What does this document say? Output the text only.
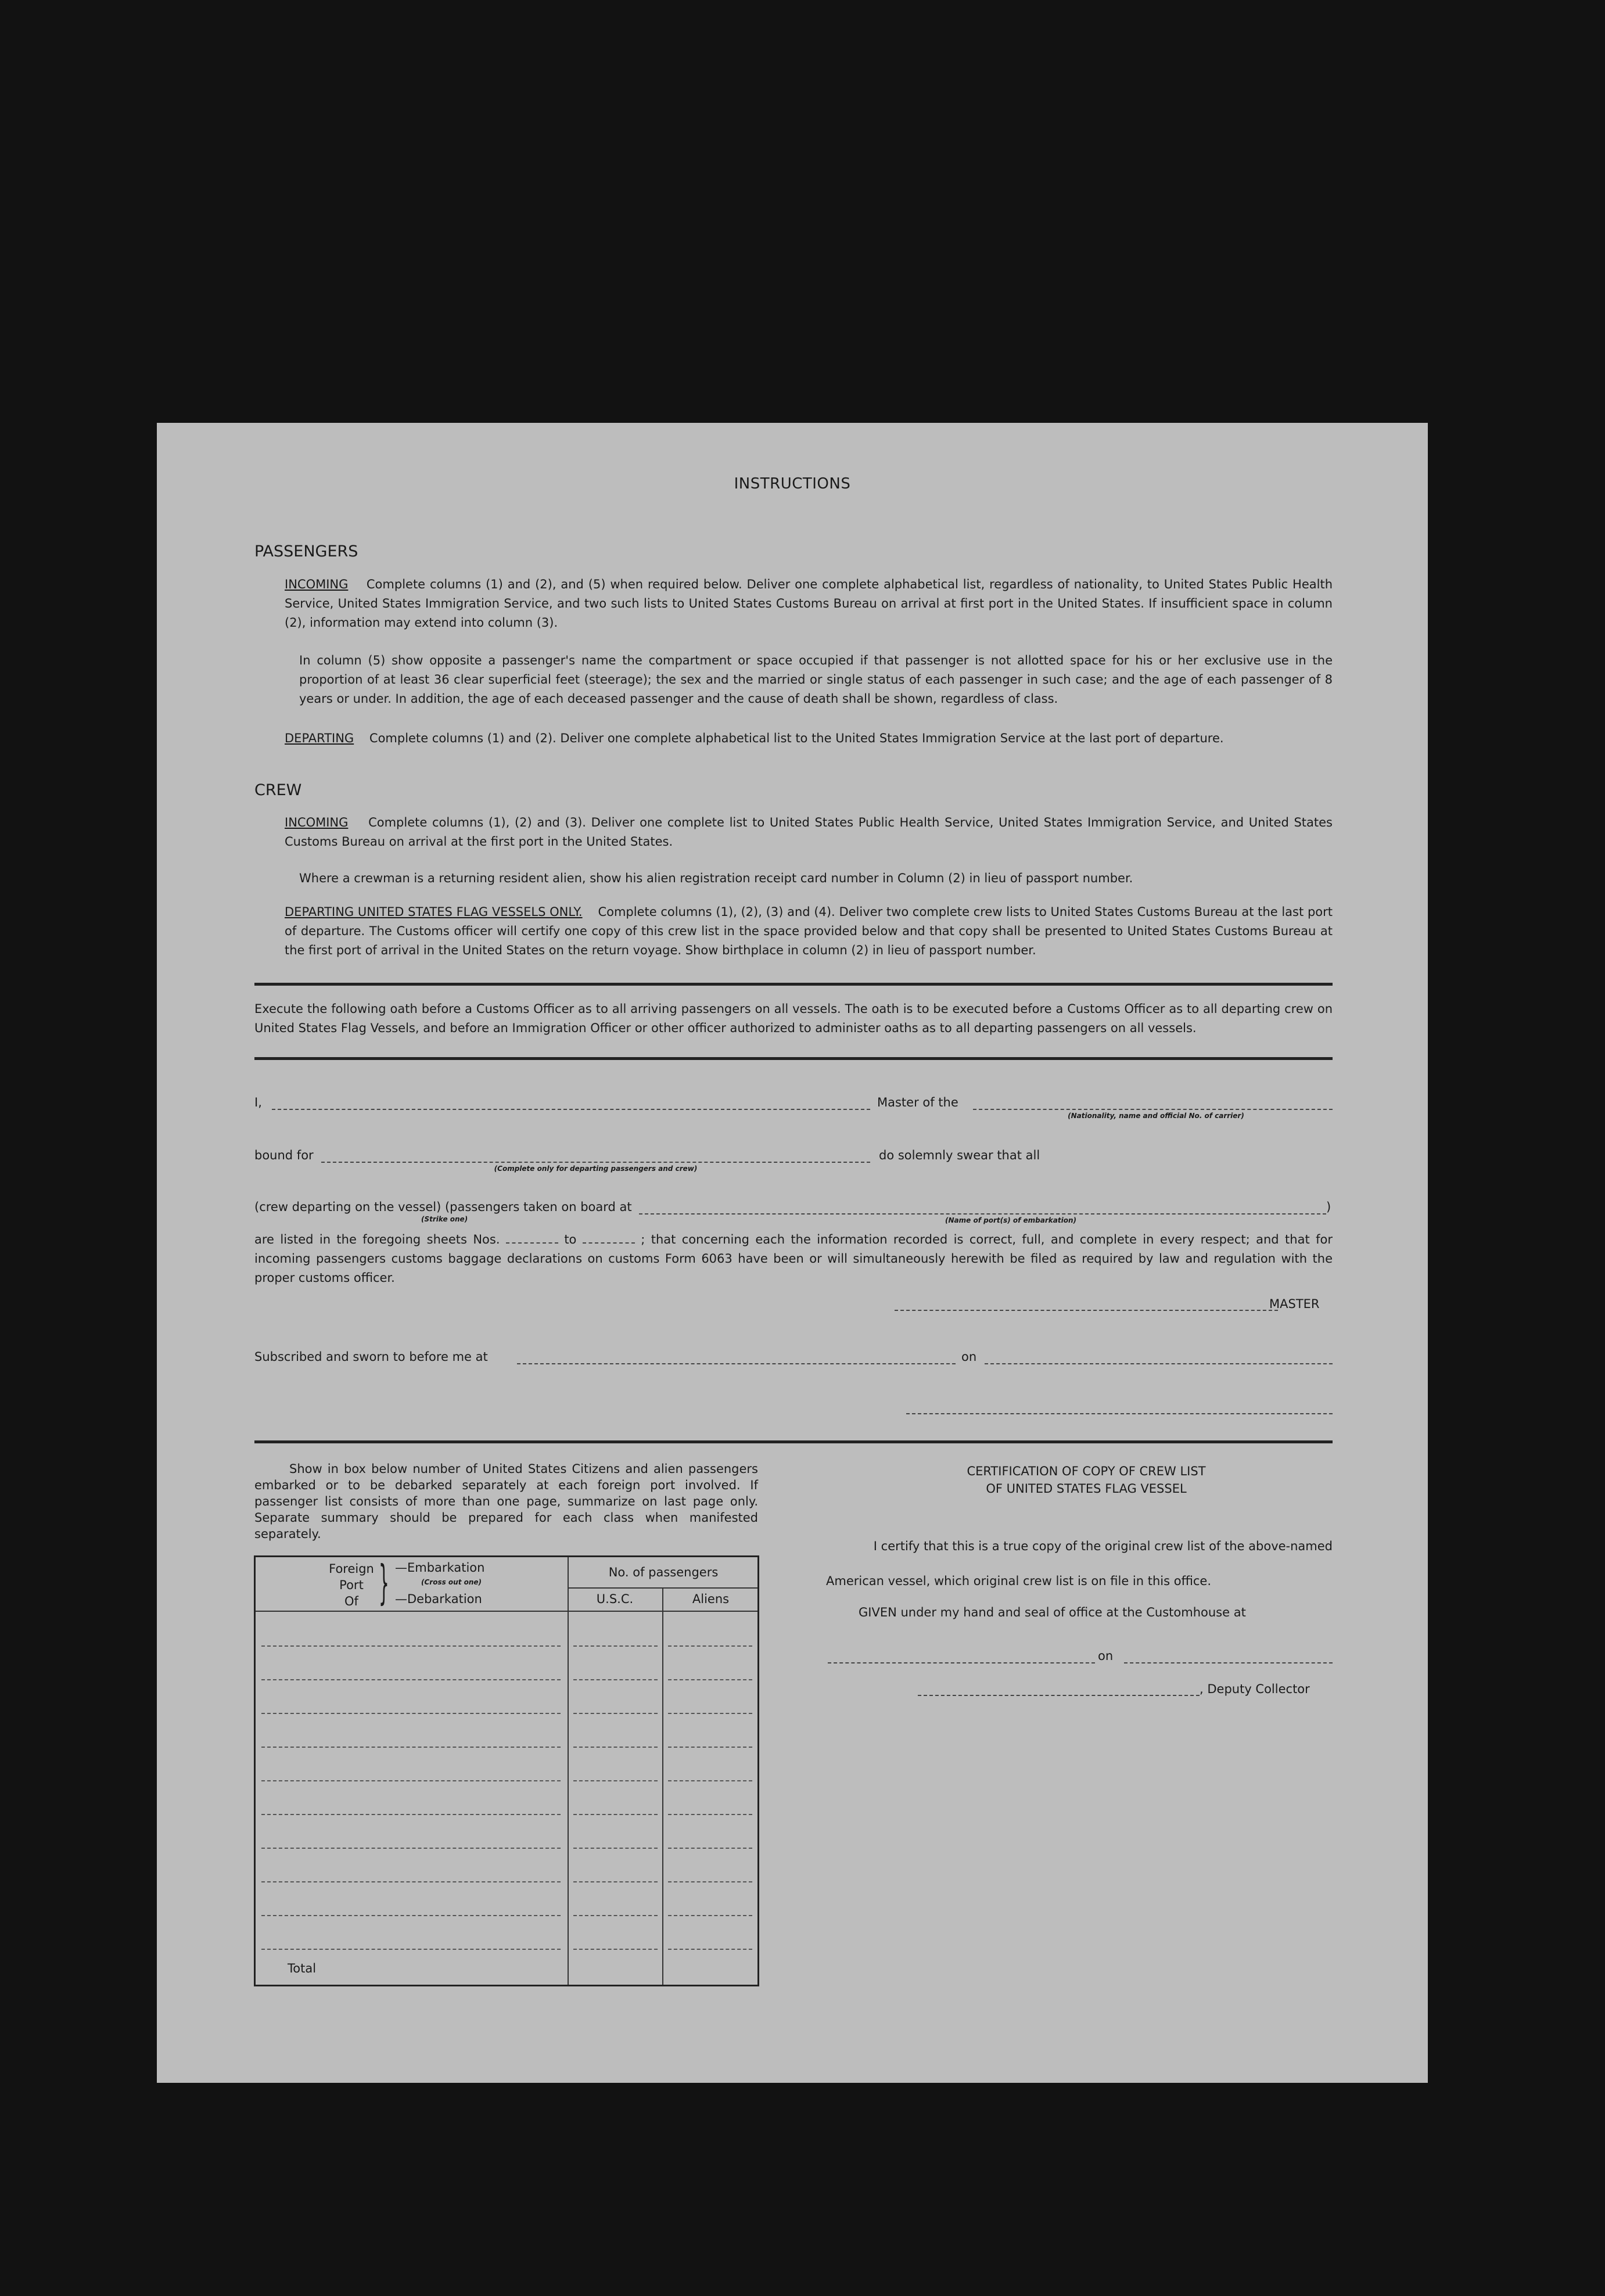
INSTRUCTIONS
PASSENGERS
INCOMING Complete columns (1) and (2), and (5) when required below. Deliver one complete alphabetical list, regardless of nationality, to United States Public Health Service, United States Immigration Service, and two such lists to United States Customs Bureau on arrival at first port in the United States. If insufficient space in column (2), information may extend into column (3).
In column (5) show opposite a passenger's name the compartment or space occupied if that passenger is not allotted space for his or her exclusive use in the proportion of at least 36 clear superficial feet (steerage); the sex and the married or single status of each passenger in such case; and the age of each passenger of 8 years or under. In addition, the age of each deceased passenger and the cause of death shall be shown, regardless of class.
DEPARTING Complete columns (1) and (2). Deliver one complete alphabetical list to the United States Immigration Service at the last port of departure.
CREW
INCOMING Complete columns (1), (2) and (3). Deliver one complete list to United States Public Health Service, United States Immigration Service, and United States Customs Bureau on arrival at the first port in the United States.
Where a crewman is a returning resident alien, show his alien registration receipt card number in Column (2) in lieu of passport number.
DEPARTING UNITED STATES FLAG VESSELS ONLY. Complete columns (1), (2), (3) and (4). Deliver two complete crew lists to United States Customs Bureau at the last port of departure. The Customs officer will certify one copy of this crew list in the space provided below and that copy shall be presented to United States Customs Bureau at the first port of arrival in the United States on the return voyage. Show birthplace in column (2) in lieu of passport number.
Execute the following oath before a Customs Officer as to all arriving passengers on all vessels. The oath is to be executed before a Customs Officer as to all departing crew on United States Flag Vessels, and before an Immigration Officer or other officer authorized to administer oaths as to all departing passengers on all vessels.
I,	Master of the
(Nationality, name and official No. of carrier)
bound for
(Complete only for departing passengers and crew)
do solemnly swear that all
(crew departing on the vessel) (passengers taken on board at
(Strike one)	(Name of port(s) of embarkation)
)
are listed in the foregoing sheets Nos.	to	; that concerning each the information recorded is correct, full, and complete in every respect; and that for incoming passengers customs baggage declarations on customs Form 6063 have been or will simultaneously herewith be filed as required by law and regulation with the proper customs officer.
MASTER
Subscribed and sworn to before me at	on
Show in box below number of United States Citizens and alien passengers embarked or to be debarked separately at each foreign port involved. If passenger list consists of more than one page, summarize on last page only. Separate summary should be prepared for each class when manifested separately.
Foreign
Port
Of } —Embarkation
(Cross out one)
—Debarkation
No. of passengers
U.S.C.	Aliens
Total
CERTIFICATION OF COPY OF CREW LIST
OF UNITED STATES FLAG VESSEL
I certify that this is a true copy of the original crew list of the above-named
American vessel, which original crew list is on file in this office.
GIVEN under my hand and seal of office at the Customhouse at
on
, Deputy Collector
